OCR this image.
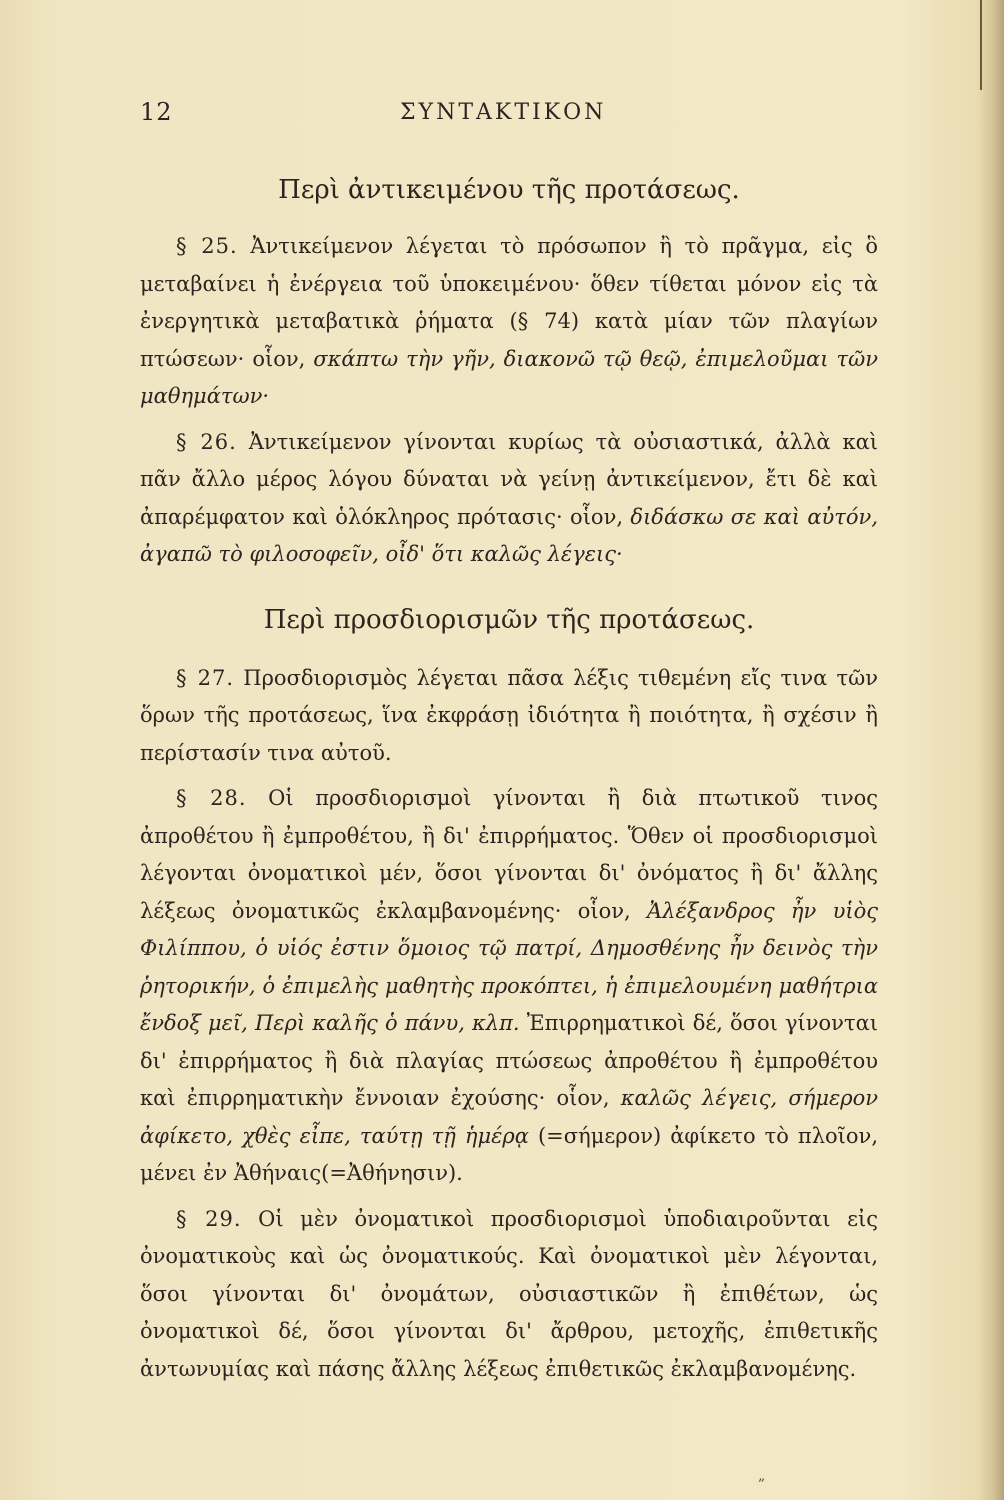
12	ΣΥΝΤΑΚΤΙΚΟΝ
Περὶ ἀντικειμένου τῆς προτάσεως.

§ 25. Ἀντικείμενον λέγεται τὸ πρόσωπον ἢ τὸ πρᾶγμα, εἰς ὃ μεταβαίνει ἡ ἐνέργεια τοῦ ὑποκειμένου· ὅθεν τίθεται μόνον εἰς τὰ ἐνεργητικὰ μεταβατικὰ ῥήματα (§ 74) κατὰ μίαν τῶν πλαγίων πτώσεων· οἷον, σκάπτω τὴν γῆν, διακονῶ τῷ θεῷ, ἐπιμελοῦμαι τῶν μαθημάτων·

§ 26. Ἀντικείμενον γίνονται κυρίως τὰ οὐσιαστικά, ἀλλὰ καὶ πᾶν ἄλλο μέρος λόγου δύναται νὰ γείνῃ ἀντικείμενον, ἔτι δὲ καὶ ἀπαρέμφατον καὶ ὁλόκληρος πρότασις· οἷον, διδάσκω σε καὶ αὐτόν, ἀγαπῶ τὸ φιλοσοφεῖν, οἶδ' ὅτι καλῶς λέγεις·

Περὶ προσδιορισμῶν τῆς προτάσεως.

§ 27. Προσδιορισμὸς λέγεται πᾶσα λέξις τιθεμένη εἴς τινα τῶν ὅρων τῆς προτάσεως, ἵνα ἐκφράσῃ ἰδιότητα ἢ ποιότητα, ἢ σχέσιν ἢ περίστασίν τινα αὐτοῦ.

§ 28. Οἱ προσδιορισμοὶ γίνονται ἢ διὰ πτωτικοῦ τινος ἀπροθέτου ἢ ἐμπροθέτου, ἢ δι' ἐπιρρήματος. Ὅθεν οἱ προσδιορισμοὶ λέγονται ὀνοματικοὶ μέν, ὅσοι γίνονται δι' ὀνόματος ἢ δι' ἄλλης λέξεως ὀνοματικῶς ἐκλαμβανομένης· οἷον, Ἀλέξανδρος ἦν υἱὸς Φιλίππου, ὁ υἱός ἐστιν ὅμοιος τῷ πατρί, Δημοσθένης ἦν δεινὸς τὴν ῥητορικήν, ὁ ἐπιμελὴς μαθητὴς προκόπτει, ἡ ἐπιμελουμένη μαθήτρια ἔνδοξ μεῖ, Περὶ καλῆς ὁ πάνυ, κλπ. Ἐπιρρηματικοὶ δέ, ὅσοι γίνονται δι' ἐπιρρήματος ἢ διὰ πλαγίας πτώσεως ἀπροθέτου ἢ ἐμπροθέτου καὶ ἐπιρρηματικὴν ἔννοιαν ἐχούσης· οἷον, καλῶς λέγεις, σήμερον ἀφίκετο, χθὲς εἶπε, ταύτῃ τῇ ἡμέρᾳ (=σήμερον) ἀφίκετο τὸ πλοῖον, μένει ἐν Ἀθήναις(=Ἀθήνησιν).

§ 29. Οἱ μὲν ὀνοματικοὶ προσδιορισμοὶ ὑποδιαιροῦνται εἰς ὀνοματικοὺς καὶ ὡς ὀνοματικούς. Καὶ ὀνοματικοὶ μὲν λέγονται, ὅσοι γίνονται δι' ὀνομάτων, οὐσιαστικῶν ἢ ἐπιθέτων, ὡς ὀνοματικοὶ δέ, ὅσοι γίνονται δι' ἄρθρου, μετοχῆς, ἐπιθετικῆς ἀντωνυμίας καὶ πάσης ἄλλης λέξεως ἐπιθετικῶς ἐκλαμβανομένης.

„
